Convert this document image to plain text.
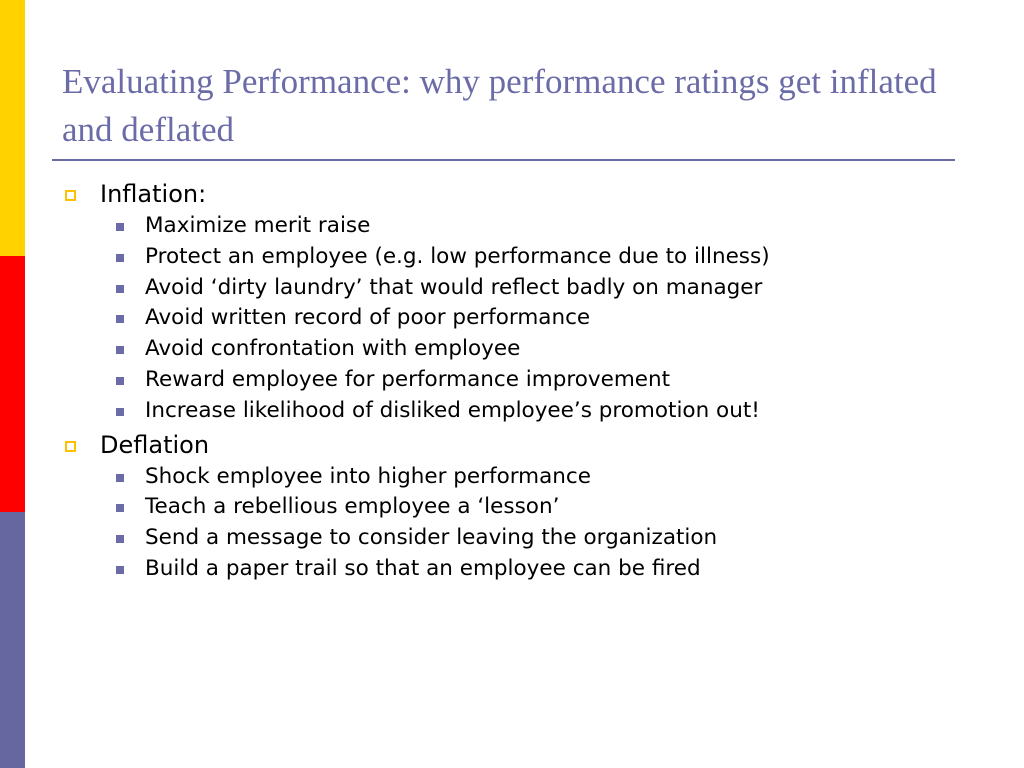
Evaluating Performance: why performance ratings get inflated and deflated
Inflation:
Maximize merit raise
Protect an employee (e.g. low performance due to illness)
Avoid ‘dirty laundry’ that would reflect badly on manager
Avoid written record of poor performance
Avoid confrontation with employee
Reward employee for performance improvement
Increase likelihood of disliked employee’s promotion out!
Deflation
Shock employee into higher performance
Teach a rebellious employee a ‘lesson’
Send a message to consider leaving the organization
Build a paper trail so that an employee can be fired
